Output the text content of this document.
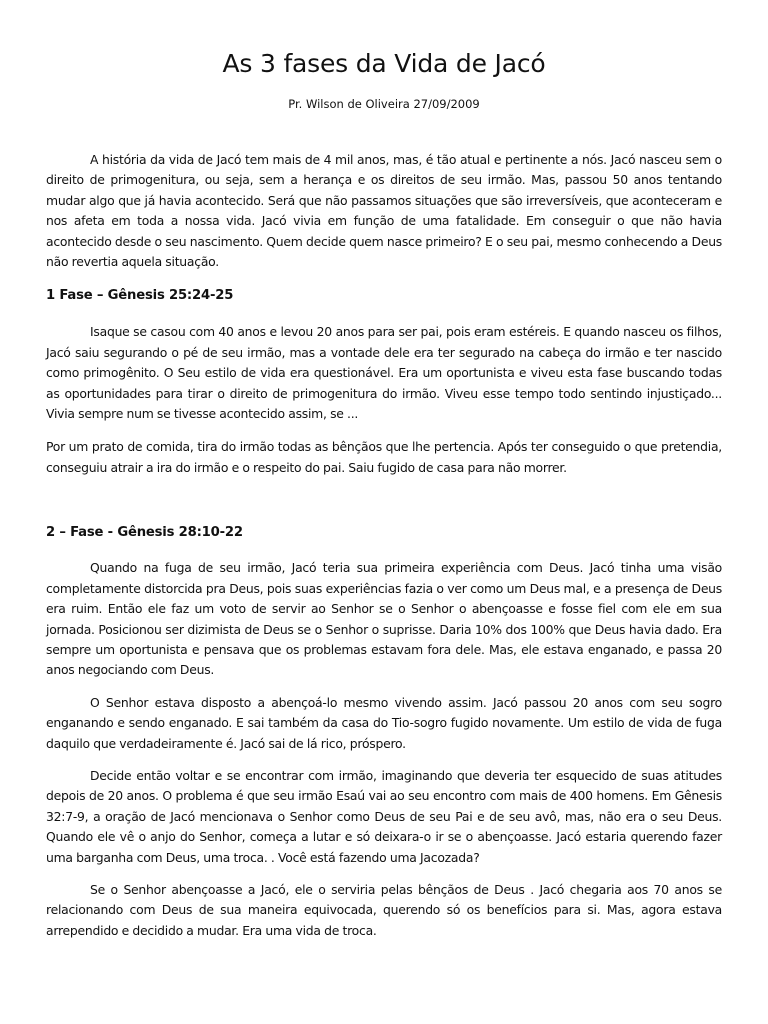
As 3 fases da Vida de Jacó

Pr. Wilson de Oliveira 27/09/2009

A história da vida de Jacó tem mais de 4 mil anos, mas, é tão atual e pertinente a nós. Jacó nasceu sem o direito de primogenitura, ou seja, sem a herança e os direitos de seu irmão. Mas, passou 50 anos tentando mudar algo que já havia acontecido. Será que não passamos situações que são irreversíveis, que aconteceram e nos afeta em toda a nossa vida. Jacó vivia em função de uma fatalidade. Em conseguir o que não havia acontecido desde o seu nascimento. Quem decide quem nasce primeiro? E o seu pai, mesmo conhecendo a Deus não revertia aquela situação.

1 Fase – Gênesis 25:24-25

Isaque se casou com 40 anos e levou 20 anos para ser pai, pois eram estéreis. E quando nasceu os filhos, Jacó saiu segurando o pé de seu irmão, mas a vontade dele era ter segurado na cabeça do irmão e ter nascido como primogênito. O Seu estilo de vida era questionável. Era um oportunista e viveu esta fase buscando todas as oportunidades para tirar o direito de primogenitura do irmão. Viveu esse tempo todo sentindo injustiçado... Vivia sempre num se tivesse acontecido assim, se ...

Por um prato de comida, tira do irmão todas as bênçãos que lhe pertencia. Após ter conseguido o que pretendia, conseguiu atrair a ira do irmão e o respeito do pai. Saiu fugido de casa para não morrer.

2 – Fase - Gênesis 28:10-22

Quando na fuga de seu irmão, Jacó teria sua primeira experiência com Deus. Jacó tinha uma visão completamente distorcida pra Deus, pois suas experiências fazia o ver como um Deus mal, e a presença de Deus era ruim. Então ele faz um voto de servir ao Senhor se o Senhor o abençoasse e fosse fiel com ele em sua jornada. Posicionou ser dizimista de Deus se o Senhor o suprisse. Daria 10% dos 100% que Deus havia dado. Era sempre um oportunista e pensava que os problemas estavam fora dele. Mas, ele estava enganado, e passa 20 anos negociando com Deus.

O Senhor estava disposto a abençoá-lo mesmo vivendo assim. Jacó passou 20 anos com seu sogro enganando e sendo enganado. E sai também da casa do Tio-sogro fugido novamente. Um estilo de vida de fuga daquilo que verdadeiramente é. Jacó sai de lá rico, próspero.

Decide então voltar e se encontrar com irmão, imaginando que deveria ter esquecido de suas atitudes depois de 20 anos. O problema é que seu irmão Esaú vai ao seu encontro com mais de 400 homens. Em Gênesis 32:7-9, a oração de Jacó mencionava o Senhor como Deus de seu Pai e de seu avô, mas, não era o seu Deus. Quando ele vê o anjo do Senhor, começa a lutar e só deixara-o ir se o abençoasse. Jacó estaria querendo fazer uma barganha com Deus, uma troca. . Você está fazendo uma Jacozada?

Se o Senhor abençoasse a Jacó, ele o serviria pelas bênçãos de Deus . Jacó chegaria aos 70 anos se relacionando com Deus de sua maneira equivocada, querendo só os benefícios para si. Mas, agora estava arrependido e decidido a mudar. Era uma vida de troca.
